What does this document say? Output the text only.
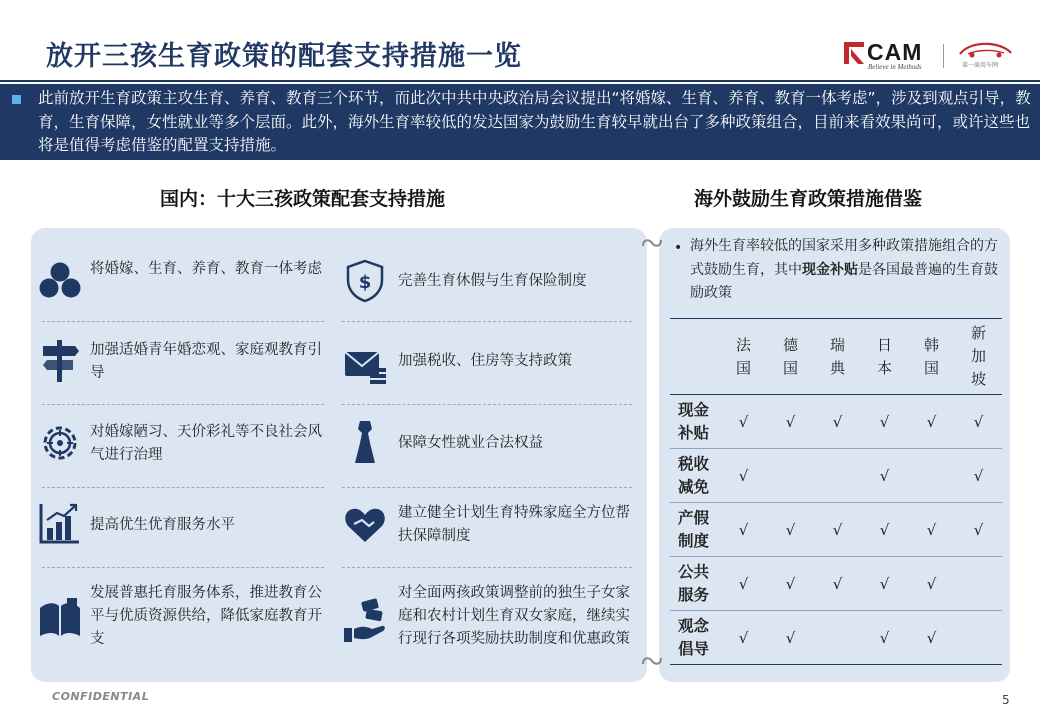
放开三孩生育政策的配套支持措施一览	CAM
Believe in Methods	第一商用车网
此前放开生育政策主攻生育、养育、教育三个环节，而此次中共中央政治局会议提出“将婚嫁、生育、养育、教育一体考虑”，涉及到观点引导，教育，生育保障，女性就业等多个层面。此外，海外生育率较低的发达国家为鼓励生育较早就出台了多种政策组合，目前来看效果尚可，或许这些也将是值得考虑借鉴的配置支持措施。
国内：十大三孩政策配套支持措施	海外鼓励生育政策措施借鉴
将婚嫁、生育、养育、教育一体考虑
$ 完善生育休假与生育保险制度
加强适婚青年婚恋观、家庭观教育引导
加强税收、住房等支持政策
对婚嫁陋习、天价彩礼等不良社会风气进行治理
保障女性就业合法权益
提高优生优育服务水平
建立健全计划生育特殊家庭全方位帮扶保障制度
发展普惠托育服务体系，推进教育公平与优质资源供给，降低家庭教育开支
对全面两孩政策调整前的独生子女家庭和农村计划生育双女家庭，继续实行现行各项奖励扶助制度和优惠政策
• 海外生育率较低的国家采用多种政策措施组合的方式鼓励生育，其中现金补贴是各国最普遍的生育鼓励政策
	法国	德国	瑞典	日本	韩国	新加坡
现金补贴	√	√	√	√	√	√
税收减免	√			√		√
产假制度	√	√	√	√	√	√
公共服务	√	√	√	√	√	
观念倡导	√	√		√	√	
CONFIDENTIAL	5
